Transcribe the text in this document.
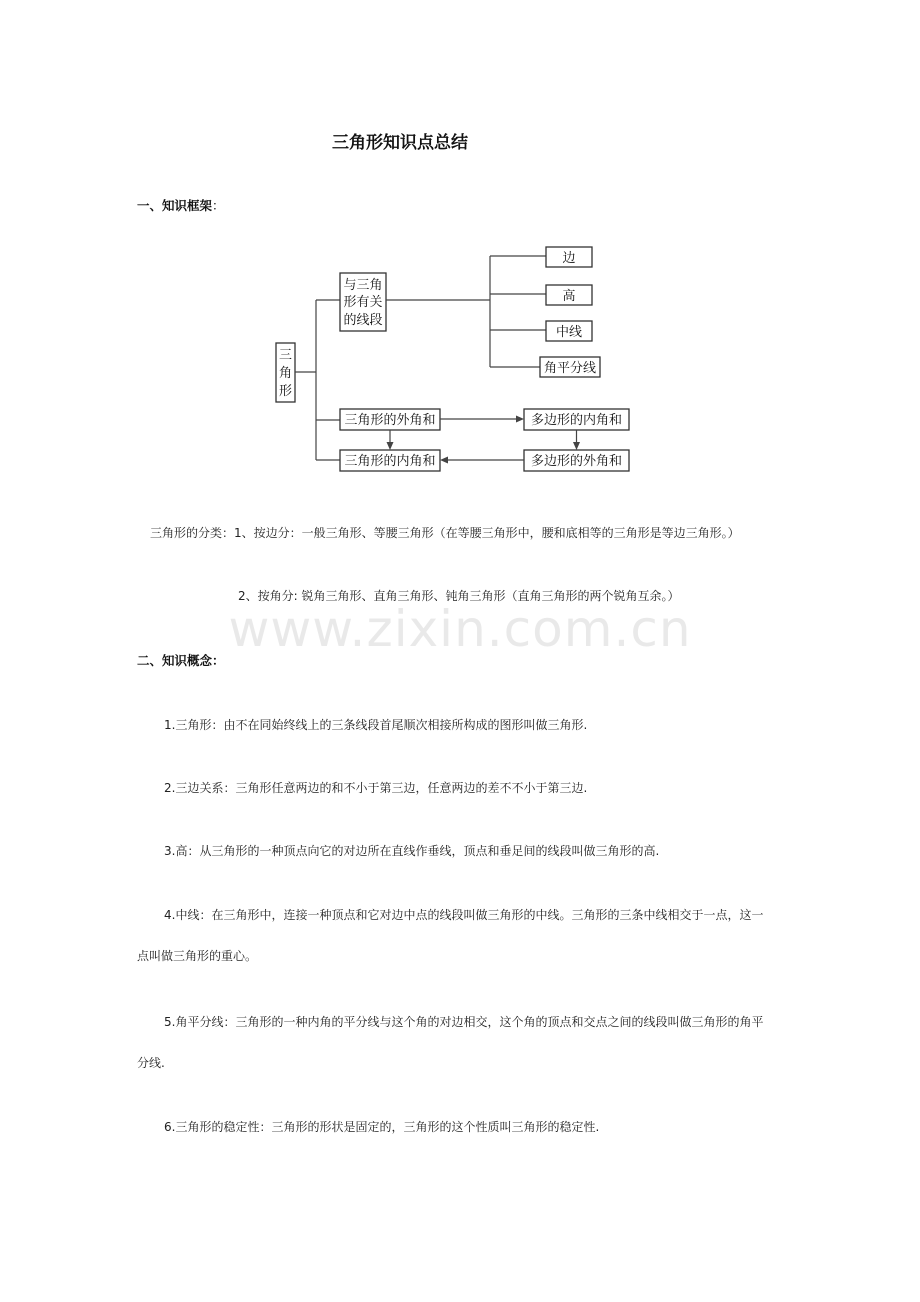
三角形知识点总结
一、知识框架：
三
角
形
与三角
形有关
的线段
边
高
中线
角平分线
三角形的外角和
三角形的内角和
多边形的内角和
多边形的外角和
三角形的分类：1、按边分：一般三角形、等腰三角形（在等腰三角形中，腰和底相等的三角形是等边三角形。）
2、按角分: 锐角三角形、直角三角形、钝角三角形（直角三角形的两个锐角互余。）
www.zixin.com.cn
二、知识概念：
1.三角形：由不在同始终线上的三条线段首尾顺次相接所构成的图形叫做三角形.
2.三边关系：三角形任意两边的和不小于第三边，任意两边的差不不小于第三边.
3.高：从三角形的一种顶点向它的对边所在直线作垂线，顶点和垂足间的线段叫做三角形的高.
4.中线：在三角形中，连接一种顶点和它对边中点的线段叫做三角形的中线。三角形的三条中线相交于一点，这一
点叫做三角形的重心。
5.角平分线：三角形的一种内角的平分线与这个角的对边相交，这个角的顶点和交点之间的线段叫做三角形的角平
分线.
6.三角形的稳定性：三角形的形状是固定的，三角形的这个性质叫三角形的稳定性.
